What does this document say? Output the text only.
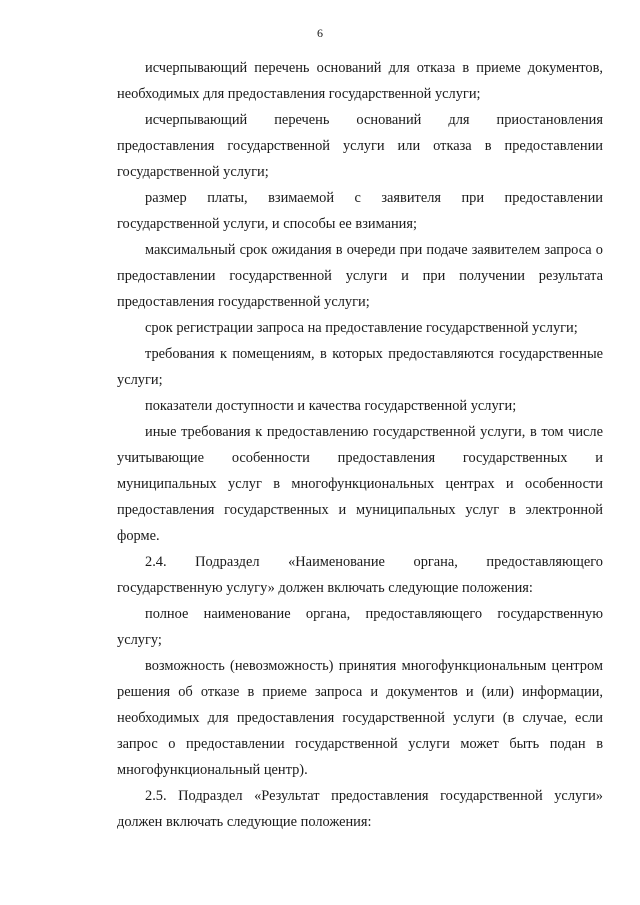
6

исчерпывающий перечень оснований для отказа в приеме документов, необходимых для предоставления государственной услуги;

исчерпывающий перечень оснований для приостановления предоставления государственной услуги или отказа в предоставлении государственной услуги;

размер платы, взимаемой с заявителя при предоставлении государственной услуги, и способы ее взимания;

максимальный срок ожидания в очереди при подаче заявителем запроса о предоставлении государственной услуги и при получении результата предоставления государственной услуги;

срок регистрации запроса на предоставление государственной услуги;

требования к помещениям, в которых предоставляются государственные услуги;

показатели доступности и качества государственной услуги;

иные требования к предоставлению государственной услуги, в том числе учитывающие особенности предоставления государственных и муниципальных услуг в многофункциональных центрах и особенности предоставления государственных и муниципальных услуг в электронной форме.

2.4. Подраздел «Наименование органа, предоставляющего государственную услугу» должен включать следующие положения:

полное наименование органа, предоставляющего государственную услугу;

возможность (невозможность) принятия многофункциональным центром решения об отказе в приеме запроса и документов и (или) информации, необходимых для предоставления государственной услуги (в случае, если запрос о предоставлении государственной услуги может быть подан в многофункциональный центр).

2.5. Подраздел «Результат предоставления государственной услуги» должен включать следующие положения:
